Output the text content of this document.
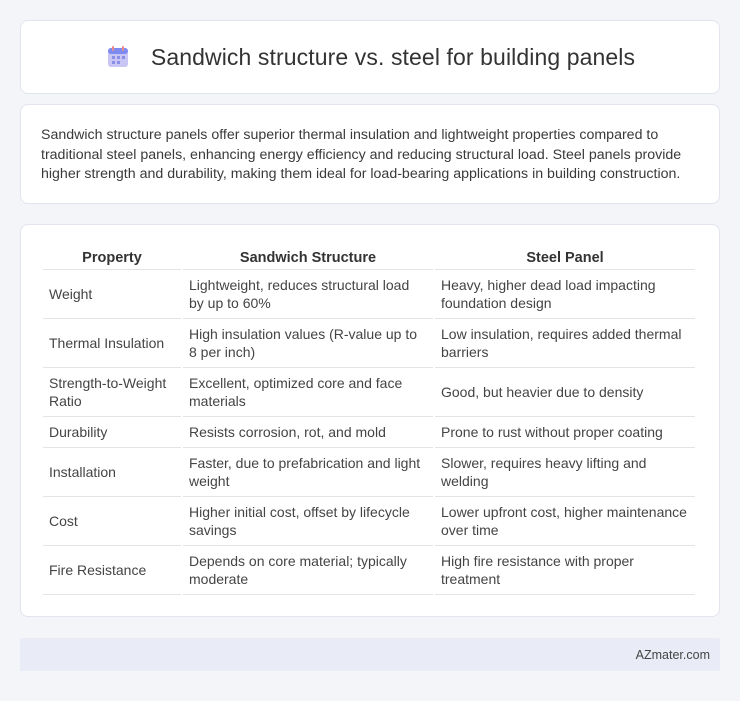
Sandwich structure vs. steel for building panels

Sandwich structure panels offer superior thermal insulation and lightweight properties compared to traditional steel panels, enhancing energy efficiency and reducing structural load. Steel panels provide higher strength and durability, making them ideal for load-bearing applications in building construction.

Property	Sandwich Structure	Steel Panel
Weight	Lightweight, reduces structural load by up to 60%	Heavy, higher dead load impacting foundation design
Thermal Insulation	High insulation values (R-value up to 8 per inch)	Low insulation, requires added thermal barriers
Strength-to-Weight Ratio	Excellent, optimized core and face materials	Good, but heavier due to density
Durability	Resists corrosion, rot, and mold	Prone to rust without proper coating
Installation	Faster, due to prefabrication and light weight	Slower, requires heavy lifting and welding
Cost	Higher initial cost, offset by lifecycle savings	Lower upfront cost, higher maintenance over time
Fire Resistance	Depends on core material; typically moderate	High fire resistance with proper treatment
AZmater.com
